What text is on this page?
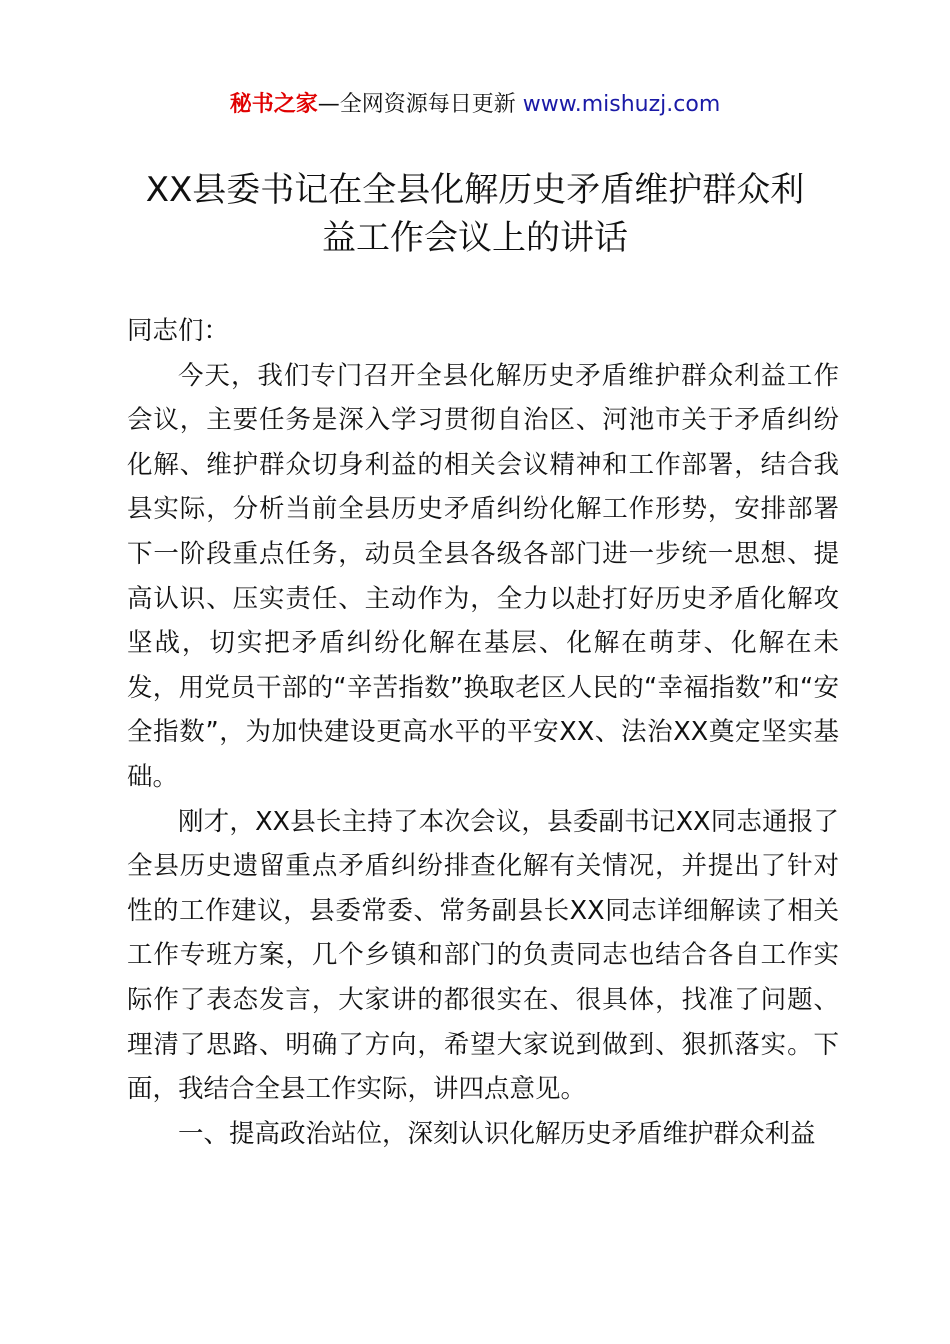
秘书之家—全网资源每日更新 www.mishuzj.com
XX县委书记在全县化解历史矛盾维护群众利
益工作会议上的讲话

同志们：

今天，我们专门召开全县化解历史矛盾维护群众利益工作会议，主要任务是深入学习贯彻自治区、河池市关于矛盾纠纷化解、维护群众切身利益的相关会议精神和工作部署，结合我县实际，分析当前全县历史矛盾纠纷化解工作形势，安排部署下一阶段重点任务，动员全县各级各部门进一步统一思想、提高认识、压实责任、主动作为，全力以赴打好历史矛盾化解攻坚战，切实把矛盾纠纷化解在基层、化解在萌芽、化解在未发，用党员干部的“辛苦指数”换取老区人民的“幸福指数”和“安全指数”，为加快建设更高水平的平安XX、法治XX奠定坚实基础。

刚才，XX县长主持了本次会议，县委副书记XX同志通报了全县历史遗留重点矛盾纠纷排查化解有关情况，并提出了针对性的工作建议，县委常委、常务副县长XX同志详细解读了相关工作专班方案，几个乡镇和部门的负责同志也结合各自工作实际作了表态发言，大家讲的都很实在、很具体，找准了问题、理清了思路、明确了方向，希望大家说到做到、狠抓落实。下面，我结合全县工作实际，讲四点意见。

一、提高政治站位，深刻认识化解历史矛盾维护群众利益
